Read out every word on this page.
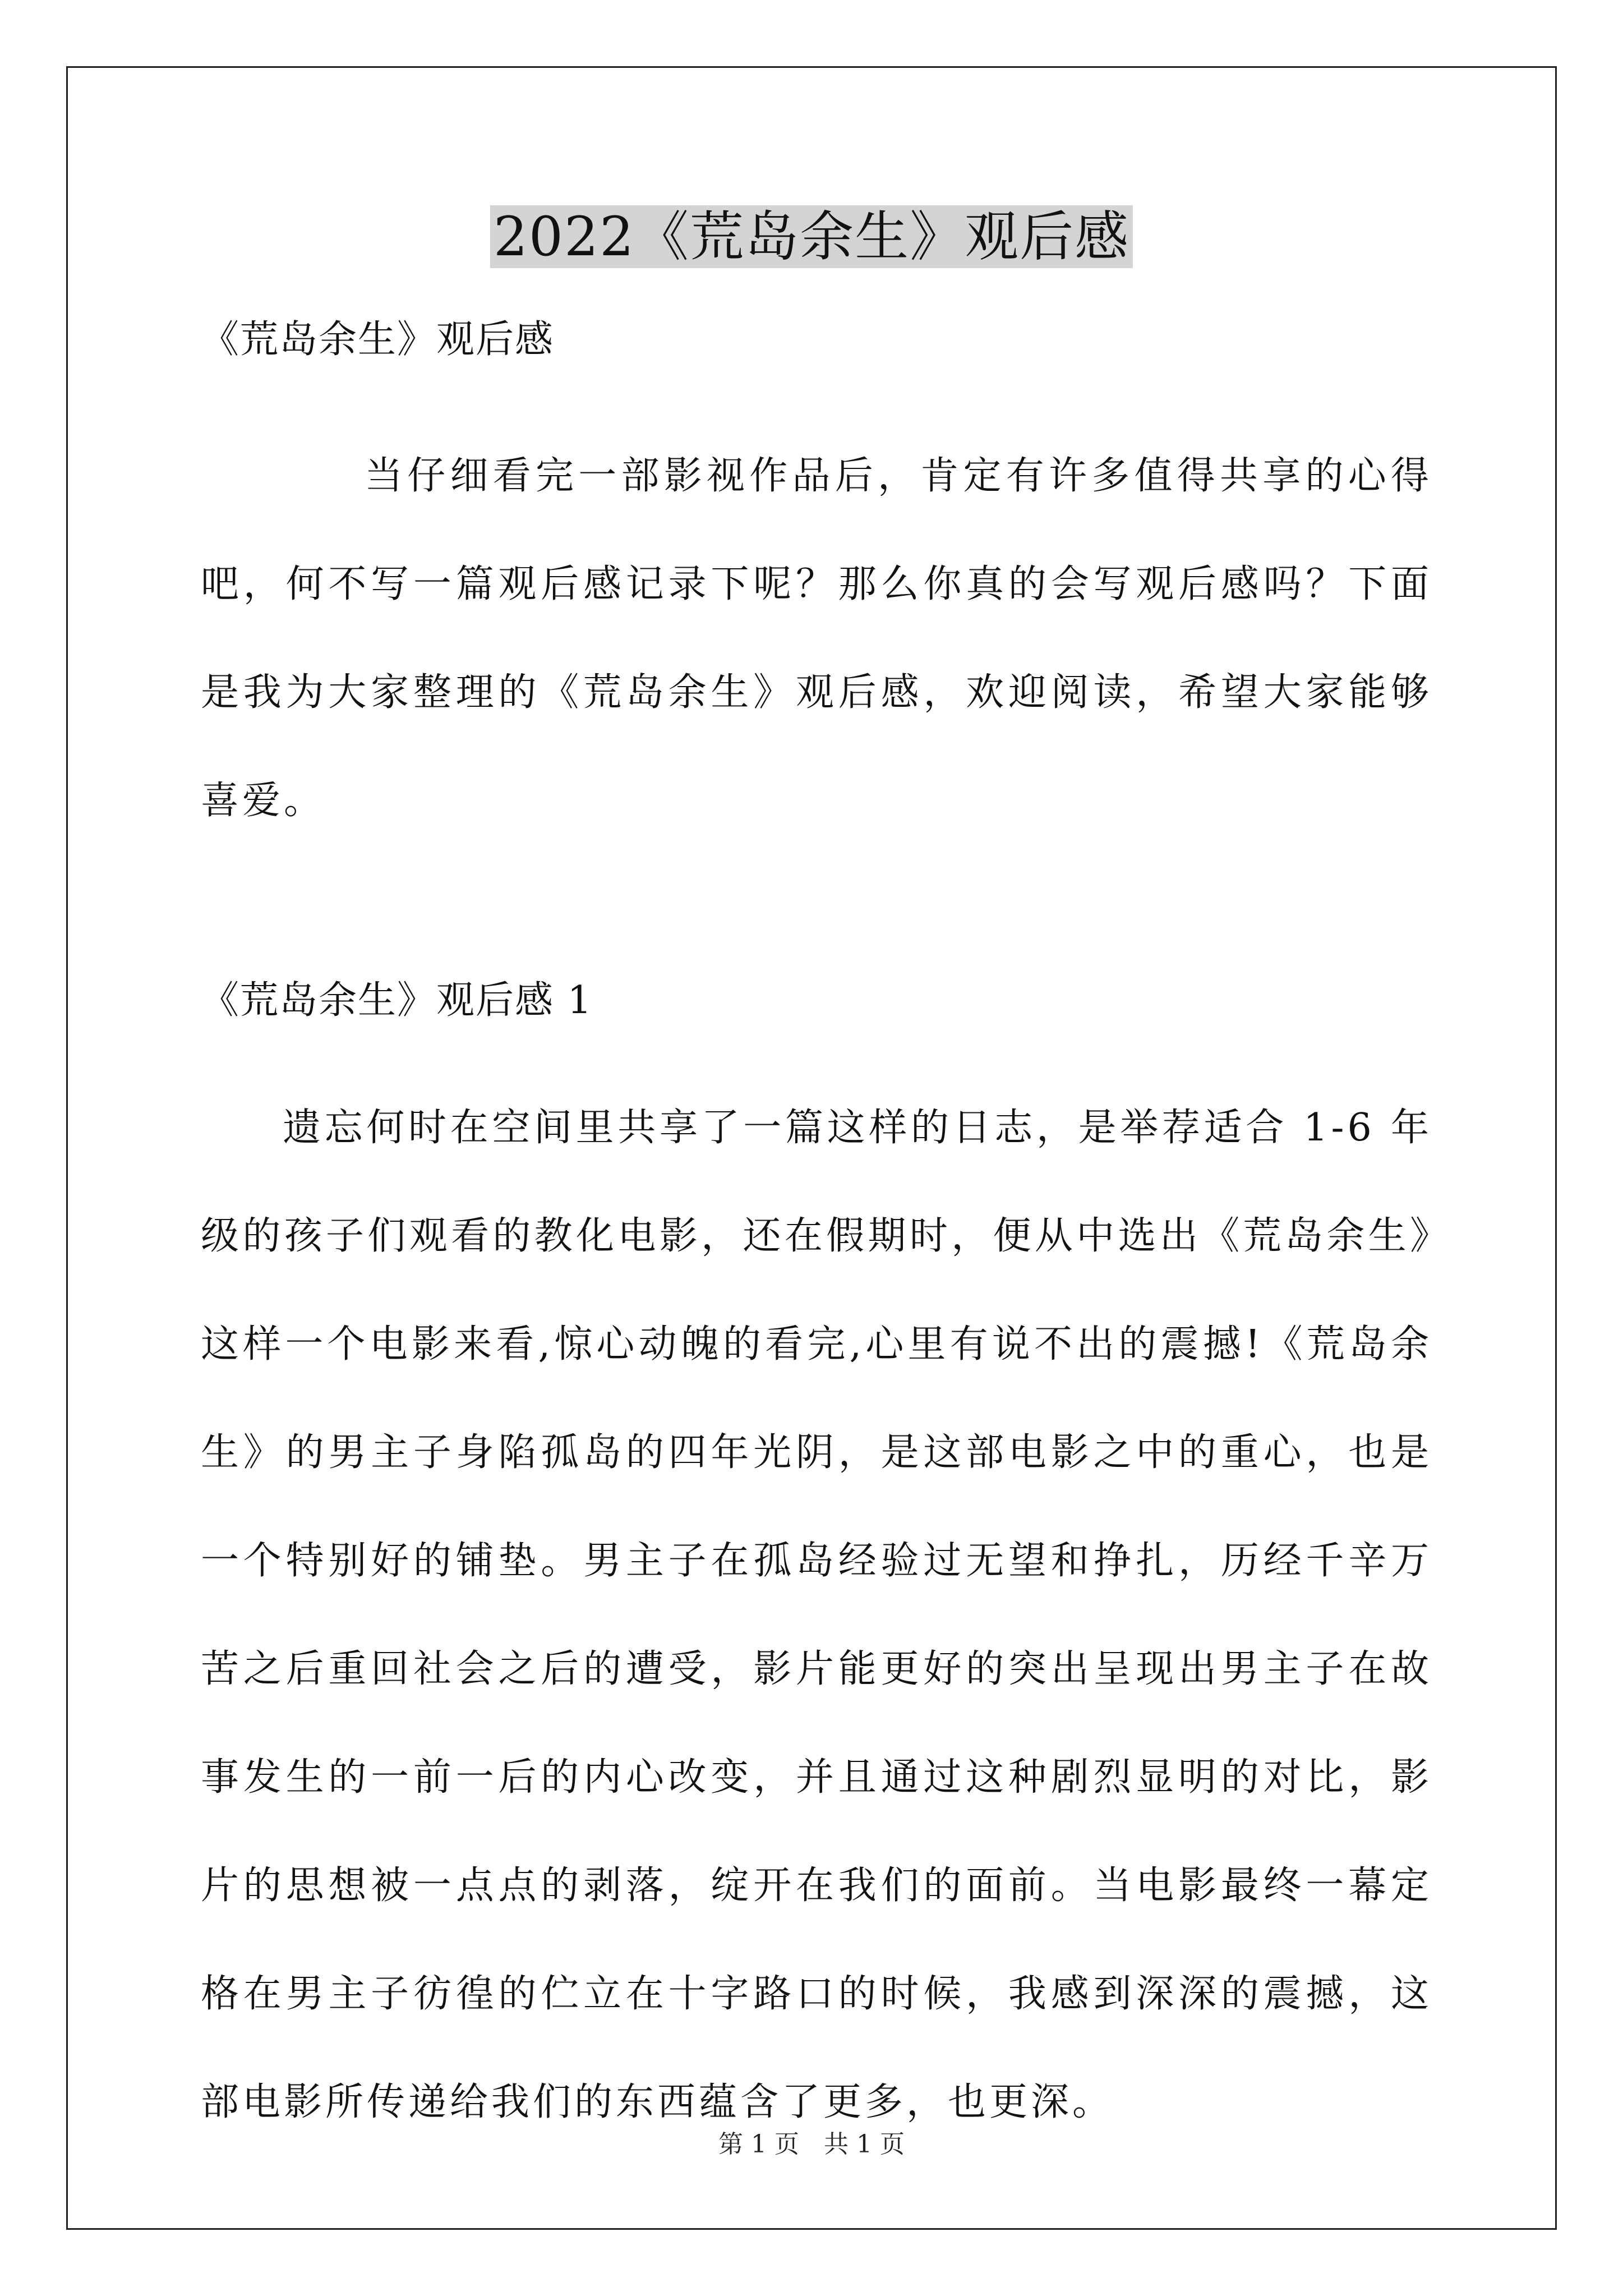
2022《荒岛余生》观后感

《荒岛余生》观后感

当仔细看完一部影视作品后，肯定有许多值得共享的心得吧，何不写一篇观后感记录下呢？那么你真的会写观后感吗？下面是我为大家整理的《荒岛余生》观后感，欢迎阅读，希望大家能够喜爱。

《荒岛余生》观后感 1

遗忘何时在空间里共享了一篇这样的日志，是举荐适合 1-6 年级的孩子们观看的教化电影，还在假期时，便从中选出《荒岛余生》这样一个电影来看,惊心动魄的看完,心里有说不出的震撼!《荒岛余生》的男主子身陷孤岛的四年光阴，是这部电影之中的重心，也是一个特别好的铺垫。男主子在孤岛经验过无望和挣扎，历经千辛万苦之后重回社会之后的遭受，影片能更好的突出呈现出男主子在故事发生的一前一后的内心改变，并且通过这种剧烈显明的对比，影片的思想被一点点的剥落，绽开在我们的面前。当电影最终一幕定格在男主子彷徨的伫立在十字路口的时候，我感到深深的震撼，这部电影所传递给我们的东西蕴含了更多，也更深。

第 1 页　共 1 页
